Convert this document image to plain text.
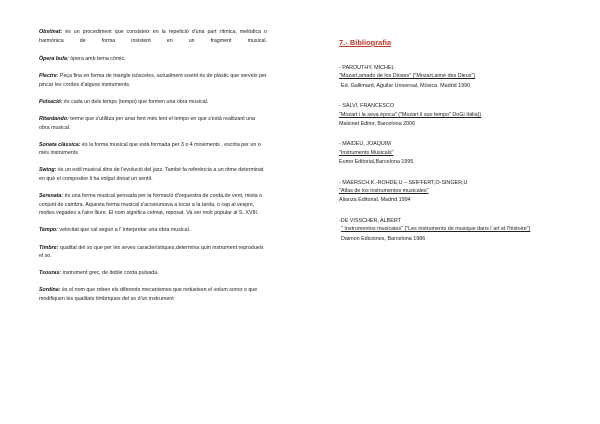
Obstinat: és un procediment que consisteix en la repetició d'una part rítmica, melòdica o harmònica de forma insistent en un fragment musical.

Òpera bufa: òpera amb tema còmic.

Plectre: Peça fina en forma de triangle isósceles, actualment sovint és de plàstic que serveix per pincar les cordes d'alguns instruments.

Pulsació: és cada un dels temps (tempo) que formen una obra musical.

Ritardando: terme que s'utilitza per anar fent més lent el tempo en que s'està realitzant una obra musical.

Sonata clàssica: és la forma musical que està formada per 3 o 4 moviments , escrita per un o més instruments

Swing: és un estil musical dins de l'evolució del jazz. També fa referència a un ritme determinat en què el compositor li ha volgut donat un sentit.

Serenata: és una forma musical pensada per la formació d'orquestra de corda,de vent, mixta o conjunt de cambra. Aquesta forma musical s'acostumava a tocar a la tarda, o cap al vespre, moltes vegades a l'aire lliure. El nom significa celmat, reposat. Va ser molt popular al S. XVIII.

Tempo: velocitat que cal seguir a l' interpretar una obra musical.

Timbre: qualitat del so que per les seves característiques,determina quin instrument reprodueix el so.

Tsouras: instrument grec, de doble corda pulsada.

Sordina: és el nom que reben els diferents mecanismes que redueixen el volum sonor o que modifiquen les qualitats tímbriques del so d'un instrument

7.- Bibliografia
- PAROUTHY, MICHEL
"Mozart,amado de los Dioses" ("Mozart,aimé des Dieux")
Ed. Gallimard, Aguilar Universal, Música. Madrid 1990
- SALVI, FRANCESCO
"Mozart i la seva època" ("Mozart il suo tempo" DoGi Itàlia))
Malsinet Editor, Barcelona 2006
- MAIDEU, JOAQUIM
"Instruments Musicals"
Eumo Editorial,Barcelona 1995
- MAERSCH,K.-ROHDE,U – SEIFFERT,O-SINGER,U
"Atlas de los instrumentos musicales"
Alianza Editorial, Madrid 1994
-DE VISSCHER, ALBERT
" Instrumentos musicales" ("Les instruments de musique dans l´art et l'histoire")
Daimon Ediciones, Barcelona 1986
